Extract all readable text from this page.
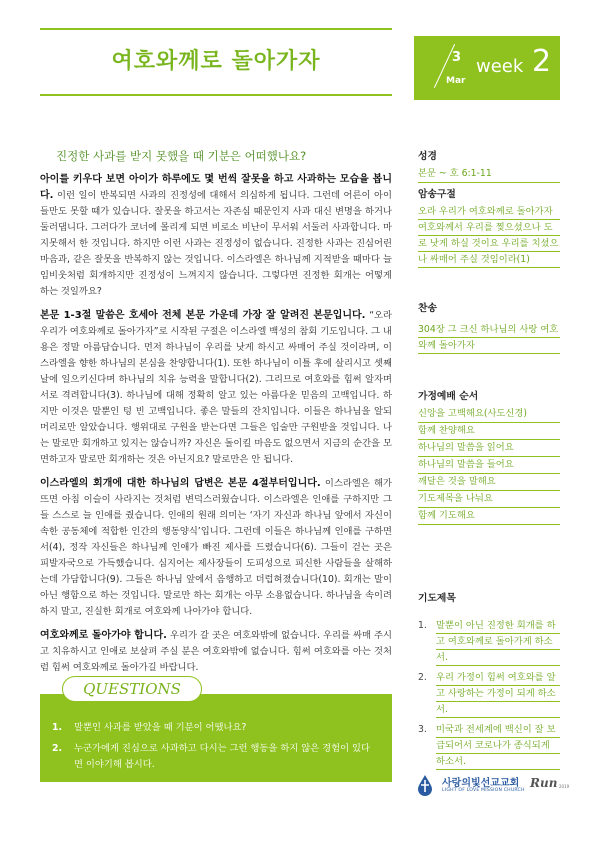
여호와께로 돌아가자	3
Mar
week 2
진정한 사과를 받지 못했을 때 기분은 어떠했나요?

아이를 키우다 보면 아이가 하루에도 몇 번씩 잘못을 하고 사과하는 모습을 봅니다. 이런 일이 반복되면 사과의 진정성에 대해서 의심하게 됩니다. 그런데 어른이 아이들만도 못할 때가 있습니다. 잘못을 하고서는 자존심 때문인지 사과 대신 변명을 하거나 둘러댑니다. 그러다가 코너에 몰리게 되면 비로소 비난이 무서워 서둘러 사과합니다. 마지못해서 한 것입니다. 하지만 이런 사과는 진정성이 없습니다. 진정한 사과는 진심어린 마음과, 같은 잘못을 반복하지 않는 것입니다. 이스라엘은 하나님께 지적받을 때마다 늘 임비웃처럼 회개하지만 진정성이 느껴지지 않습니다. 그렇다면 진정한 회개는 어떻게 하는 것일까요?

본문 1-3절 말씀은 호세아 전체 본문 가운데 가장 잘 알려진 본문입니다. “오라 우리가 여호와께로 돌아가자”로 시작된 구절은 이스라엘 백성의 참회 기도입니다. 그 내용은 정말 아름답습니다. 먼저 하나님이 우리를 낫게 하시고 싸매어 주실 것이라며, 이스라엘을 향한 하나님의 본심을 찬양합니다(1). 또한 하나님이 이틀 후에 살리시고 셋째 날에 일으키신다며 하나님의 치유 능력을 말합니다(2). 그리므로 여호와를 힘써 알자며 서로 격려합니다(3). 하나님에 대해 정확히 알고 있는 아름다운 믿음의 고백입니다. 하지만 이것은 말뿐인 텅 빈 고백입니다. 좋은 말들의 잔치입니다. 이들은 하나님을 알되 머리로만 알았습니다. 행위대로 구원을 받는다면 그들은 입술만 구원받을 것입니다. 나는 말로만 회개하고 있지는 않습니까? 자신은 돌이킬 마음도 없으면서 지금의 순간을 모면하고자 말로만 회개하는 것은 아닌지요? 말로만은 안 됩니다.

이스라엘의 회개에 대한 하나님의 답변은 본문 4절부터입니다. 이스라엘은 해가 뜨면 아침 이슬이 사라지는 것처럼 변덕스러웠습니다. 이스라엘은 인애를 구하지만 그들 스스로 늘 인애를 줬습니다. 인애의 원래 의미는 ‘자기 자신과 하나님 앞에서 자신이 속한 공동체에 적합한 인간의 행동양식’입니다. 그런데 이들은 하나님께 인애를 구하면서(4), 정작 자신들은 하나님께 인애가 빠진 제사를 드렸습니다(6). 그들이 걷는 곳은 피발자국으로 가득했습니다. 심지어는 제사장들이 도피성으로 피신한 사람들을 살해하는데 가담합니다(9). 그들은 하나님 앞에서 음행하고 더럽혀졌습니다(10). 회개는 말이 아닌 행함으로 하는 것입니다. 말로만 하는 회개는 아무 소용없습니다. 하나님을 속이려 하지 말고, 진실한 회개로 여호와께 나아가야 합니다.

여호와께로 돌아가야 합니다. 우리가 갈 곳은 여호와밖에 없습니다. 우리를 싸매 주시고 치유하시고 인애로 보살펴 주실 분은 여호와밖에 없습니다. 힘써 여호와를 아는 것처럼 힘써 여호와께로 돌아가길 바랍니다.

QUESTIONS
1.	말뿐인 사과를 받았을 때 기분이 어땠나요?
2.	누군가에게 진심으로 사과하고 다시는 그런 행동을 하지 않은 경험이 있다면 이야기해 봅시다.
성경
본문 ~ 호 6:1-11
암송구절
오라 우리가 여호와께로 돌아가자 여호와께서 우리를 찢으셨으나 도로 낫게 하실 것이요 우리를 치셨으나 싸매어 주실 것임이라(1)
찬송
304장 그 크신 하나님의 사랑 여호와께 돌아가자
가정예배 순서
신앙을 고백해요(사도신경)
함께 찬양해요
하나님의 말씀을 읽어요
하나님의 말씀을 들어요
깨달은 것을 말해요
기도제목을 나눠요
함께 기도해요
기도제목
1. 말뿐이 아닌 진정한 회개를 하고 여호와께로 돌아가게 하소서.
2. 우리 가정이 힘써 여호와를 알고 사랑하는 가정이 되게 하소서.
3. 미국과 전세계에 백신이 잘 보급되어서 코로나가 종식되게 하소서.
사랑의빛선교교회
LIGHT OF LOVE MISSION CHURCH
Run 2019
